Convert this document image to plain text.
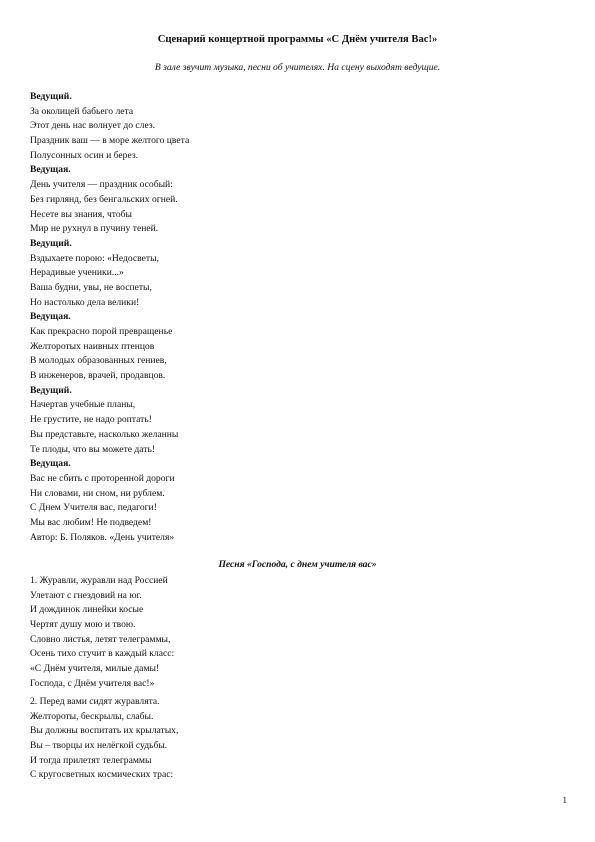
Сценарий концертной программы «С Днём учителя Вас!»
В зале звучит музыка, песни об учителях. На сцену выходят ведущие.
Ведущий.
За околицей бабьего лета
Этот день нас волнует до слез.
Праздник ваш — в море желтого цвета
Полусонных осин и берез.
Ведущая.
День учителя — праздник особый:
Без гирлянд, без бенгальских огней.
Несете вы знания, чтобы
Мир не рухнул в пучину теней.
Ведущий.
Вздыхаете порою: «Недосветы,
Нерадивые ученики...»
Ваша будни, увы, не воспеты,
Но настолько дела велики!
Ведущая.
Как прекрасно порой превращенье
Желторотых наивных птенцов
В молодых образованных гениев,
В инженеров, врачей, продавцов.
Ведущий.
Начертав учебные планы,
Не грустите, не надо роптать!
Вы представьте, насколько желанны
Те плоды, что вы можете дать!
Ведущая.
Вас не сбить с проторенной дороги
Ни словами, ни сном, ни рублем.
С Днем Учителя вас, педагоги!
Мы вас любим! Не подведем!
Автор: Б. Поляков. «День учителя»
Песня «Господа, с днем учителя вас»
1. Журавли, журавли над Россией
Улетают с гнездовий на юг.
И дождинок линейки косые
Чертят душу мою и твою.
Словно листья, летят телеграммы,
Осень тихо стучит в каждый класс:
«С Днём учителя, милые дамы!
Господа, с Днём учителя вас!»
2. Перед вами сидят журавлята.
Желтороты, бескрылы, слабы.
Вы должны воспитать их крылатых,
Вы – творцы их нелёгкой судьбы.
И тогда прилетят телеграммы
С кругосветных космических трас:
1
